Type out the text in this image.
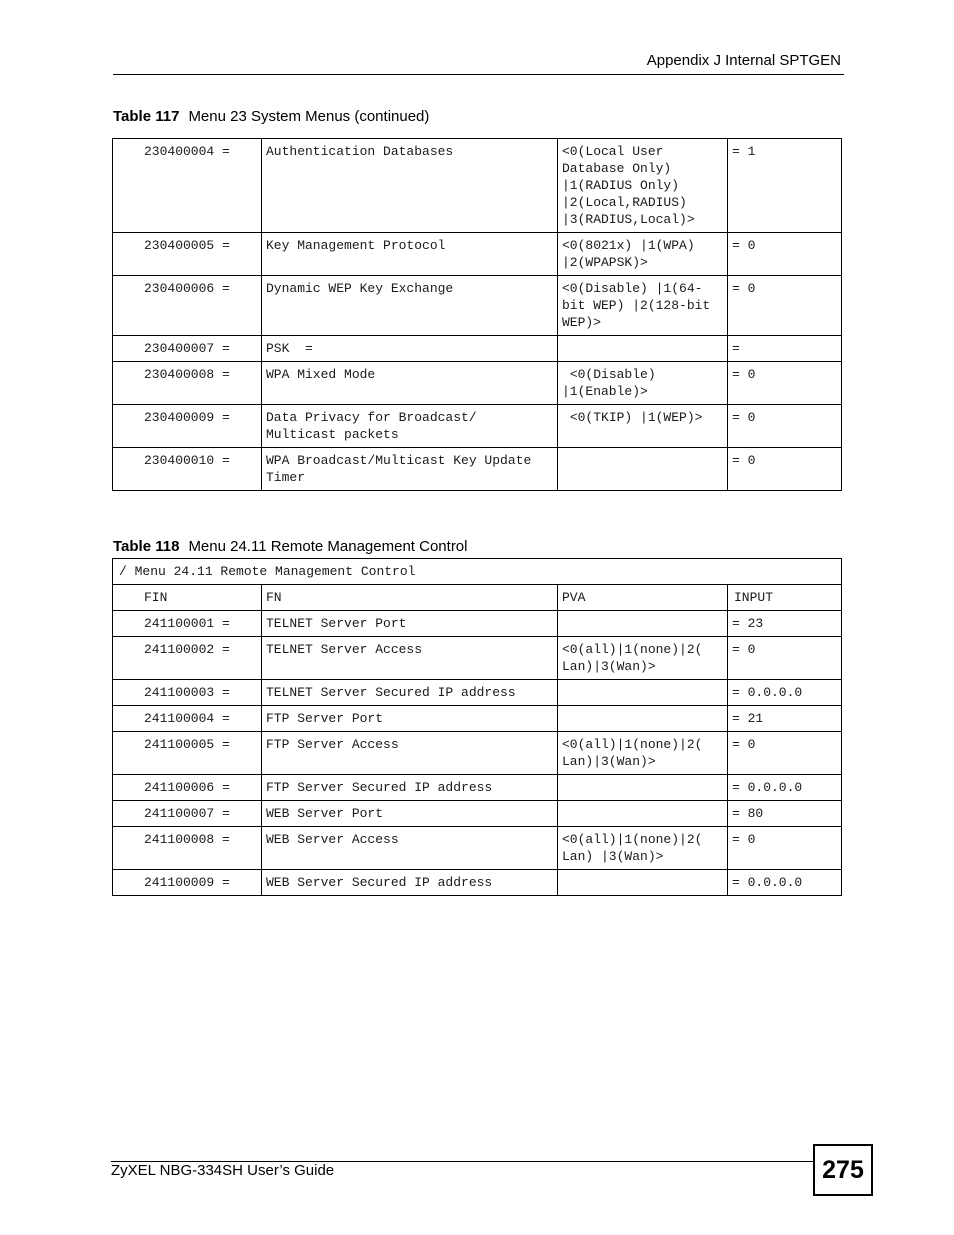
Appendix J Internal SPTGEN
Table 117 Menu 23 System Menus (continued)
230400004 =	Authentication Databases	<0(Local User
Database Only)
|1(RADIUS Only)
|2(Local,RADIUS)
|3(RADIUS,Local)>	= 1
230400005 =	Key Management Protocol	<0(8021x) |1(WPA)
|2(WPAPSK)>	= 0
230400006 =	Dynamic WEP Key Exchange	<0(Disable) |1(64-
bit WEP) |2(128-bit
WEP)>	= 0
230400007 =	PSK  =		=
230400008 =	WPA Mixed Mode	<0(Disable)
|1(Enable)>	= 0
230400009 =	Data Privacy for Broadcast/
Multicast packets	<0(TKIP) |1(WEP)>	= 0
230400010 =	WPA Broadcast/Multicast Key Update
Timer		= 0
Table 118 Menu 24.11 Remote Management Control
/ Menu 24.11 Remote Management Control			
FIN	FN	PVA	INPUT
241100001 =	TELNET Server Port		= 23
241100002 =	TELNET Server Access	<0(all)|1(none)|2(
Lan)|3(Wan)>	= 0
241100003 =	TELNET Server Secured IP address		= 0.0.0.0
241100004 =	FTP Server Port		= 21
241100005 =	FTP Server Access	<0(all)|1(none)|2(
Lan)|3(Wan)>	= 0
241100006 =	FTP Server Secured IP address		= 0.0.0.0
241100007 =	WEB Server Port		= 80
241100008 =	WEB Server Access	<0(all)|1(none)|2(
Lan) |3(Wan)>	= 0
241100009 =	WEB Server Secured IP address		= 0.0.0.0
ZyXEL NBG-334SH User’s Guide	275
